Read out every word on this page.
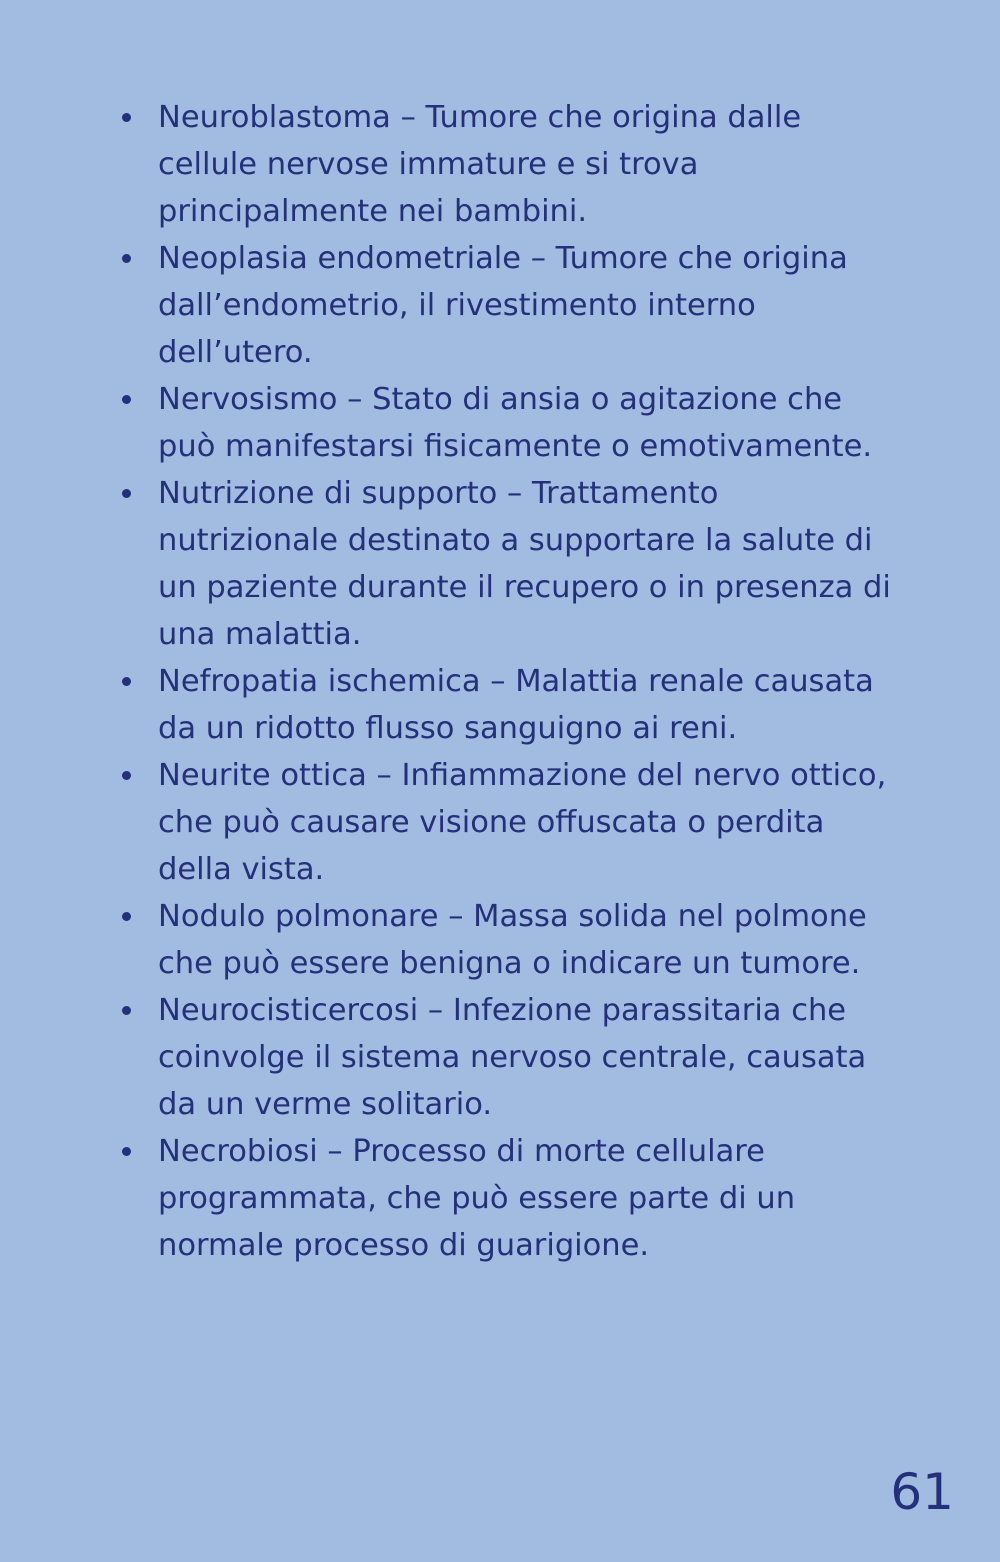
Neuroblastoma – Tumore che origina dalle cellule nervose immature e si trova principalmente nei bambini.
Neoplasia endometriale – Tumore che origina dall’endometrio, il rivestimento interno dell’utero.
Nervosismo – Stato di ansia o agitazione che può manifestarsi fisicamente o emotivamente.
Nutrizione di supporto – Trattamento nutrizionale destinato a supportare la salute di un paziente durante il recupero o in presenza di una malattia.
Nefropatia ischemica – Malattia renale causata da un ridotto flusso sanguigno ai reni.
Neurite ottica – Infiammazione del nervo ottico, che può causare visione offuscata o perdita della vista.
Nodulo polmonare – Massa solida nel polmone che può essere benigna o indicare un tumore.
Neurocisticercosi – Infezione parassitaria che coinvolge il sistema nervoso centrale, causata da un verme solitario.
Necrobiosi – Processo di morte cellulare programmata, che può essere parte di un normale processo di guarigione.
61
